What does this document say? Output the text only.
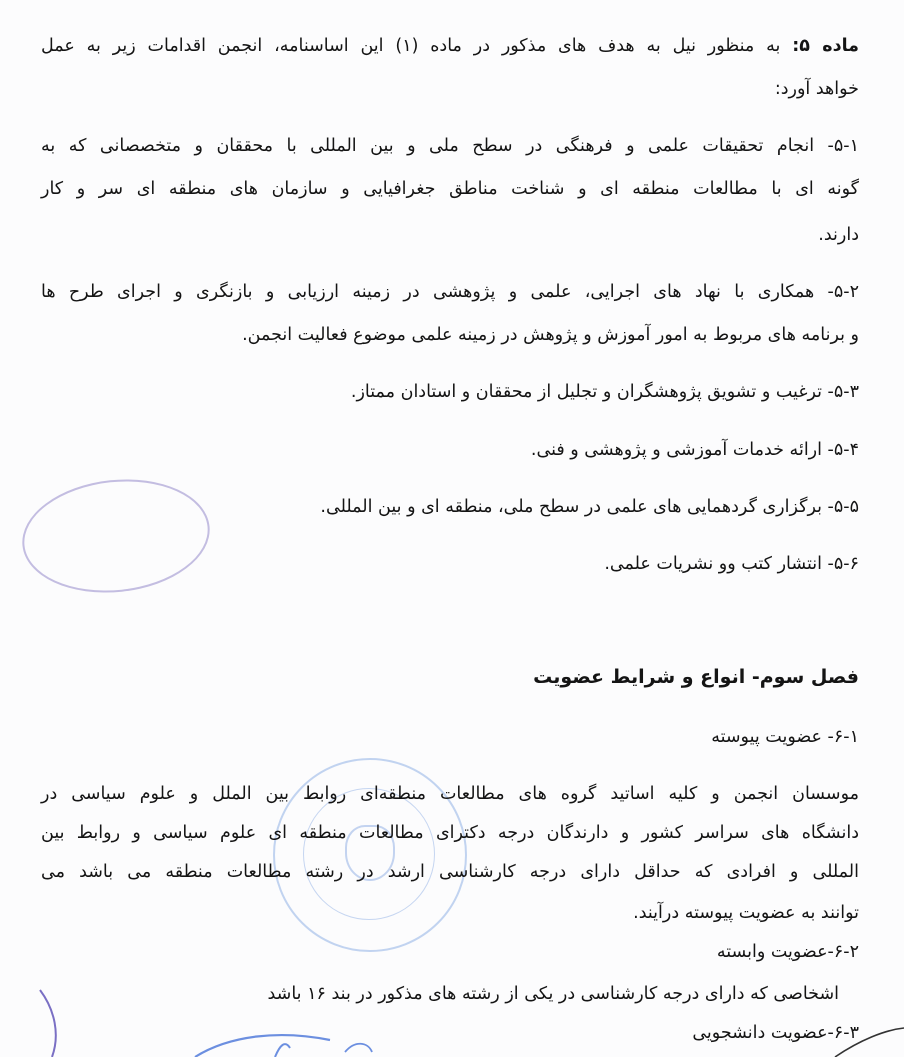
ماده ۵: به منظور نیل به هدف های مذکور در ماده (۱) این اساسنامه، انجمن اقدامات زیر به عمل
خواهد آورد:
۵-۱- انجام تحقیقات علمی و فرهنگی در سطح ملی و بین المللی با محققان و متخصصانی که به
گونه ای با مطالعات منطقه ای و شناخت مناطق جغرافیایی و سازمان های منطقه ای سر و کار
دارند.
۵-۲- همکاری با نهاد های اجرایی، علمی و پژوهشی در زمینه ارزیابی و بازنگری و اجرای طرح ها
و برنامه های مربوط به امور آموزش و پژوهش در زمینه علمی موضوع فعالیت انجمن.
۵-۳- ترغیب و تشویق پژوهشگران و تجلیل از محققان و استادان ممتاز.
۵-۴- ارائه خدمات آموزشی و پژوهشی و فنی.
۵-۵- برگزاری گردهمایی های علمی در سطح ملی، منطقه ای و بین المللی.
۵-۶- انتشار کتب وو نشریات علمی.
فصل سوم- انواع و شرایط عضویت
۶-۱- عضویت پیوسته
موسسان انجمن و کلیه اساتید گروه های مطالعات منطقه‌ای روابط بین الملل و علوم سیاسی در
دانشگاه های سراسر کشور و دارندگان درجه دکترای مطالعات منطقه ای علوم سیاسی و روابط بین
المللی و افرادی که حداقل دارای درجه کارشناسی ارشد در رشته مطالعات منطقه می باشد می
توانند به عضویت پیوسته درآیند.
۶-۲-عضویت وابسته
اشخاصی که دارای درجه کارشناسی در یکی از رشته های مذکور در بند ۱۶ باشد
۶-۳-عضویت دانشجویی
